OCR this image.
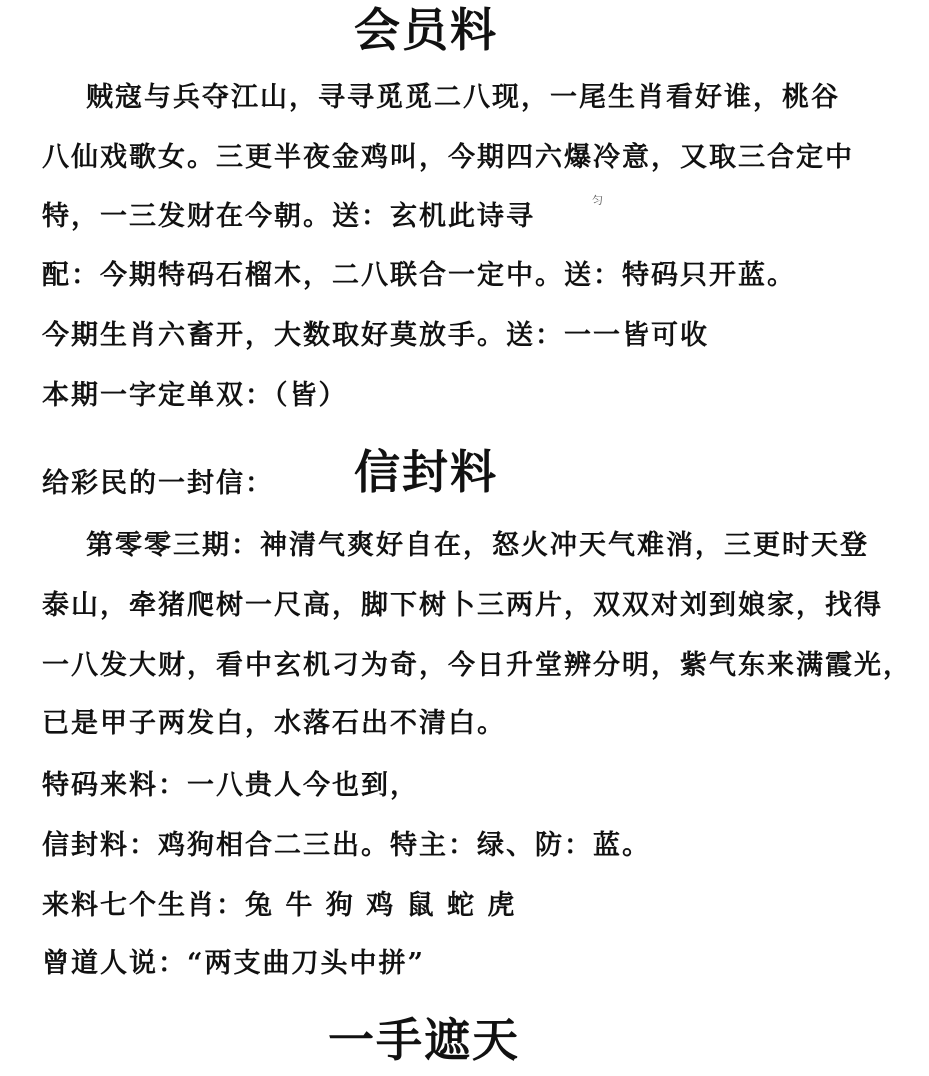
会员料
贼寇与兵夺江山，寻寻觅觅二八现，一尾生肖看好谁，桃谷
八仙戏歌女。三更半夜金鸡叫，今期四六爆冷意，又取三合定中
特，一三发财在今朝。送：玄机此诗寻
匀
配：今期特码石榴木，二八联合一定中。送：特码只开蓝。
今期生肖六畜开，大数取好莫放手。送：一一皆可收
本期一字定单双：（皆）
给彩民的一封信： 信封料
第零零三期：神清气爽好自在，怒火冲天气难消，三更时天登
泰山，牵猪爬树一尺高，脚下树卜三两片，双双对刘到娘家，找得
一八发大财，看中玄机刁为奇，今日升堂辨分明，紫气东来满霞光，
已是甲子两发白，水落石出不清白。
特码来料：一八贵人今也到，
信封料：鸡狗相合二三出。特主：绿、防：蓝。
来料七个生肖：兔 牛 狗 鸡 鼠 蛇 虎
曾道人说：“两支曲刀头中拼”
一手遮天
